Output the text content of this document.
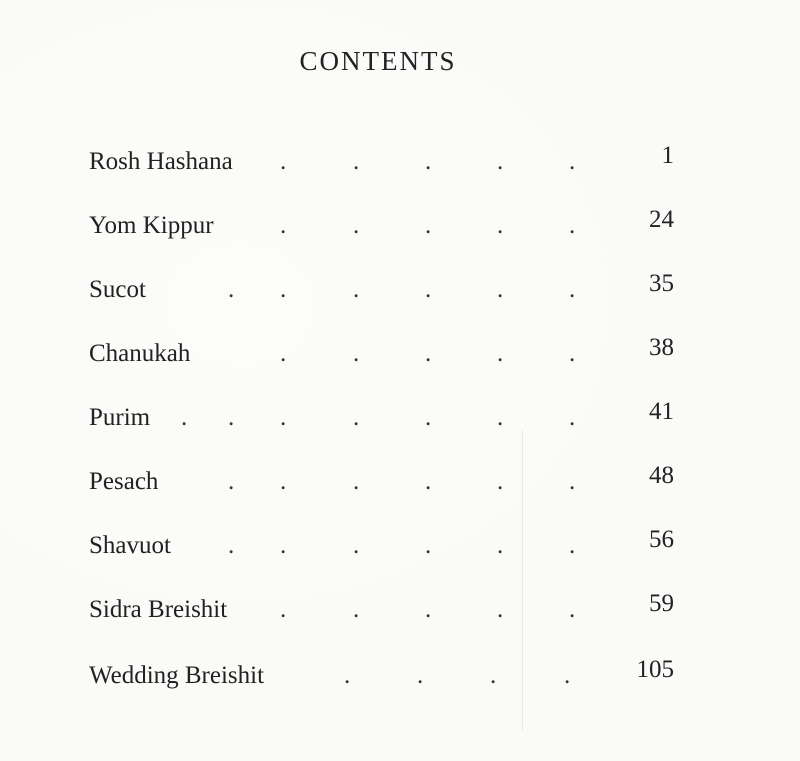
CONTENTS
Rosh Hashana	1
.	.	.	.	.
Yom Kippur	24
.	.	.	.	.
Sucot	35
. .	.	.	.	.
Chanukah	38
.	.	.	.	.
Purim	41
. . .	.	.	.	.
Pesach	48
. .	.	.	.	.
Shavuot	56
. .	.	.	.	.
Sidra Breishit	59
.	.	.	.	.
Wedding Breishit	105
.	.	.	.
